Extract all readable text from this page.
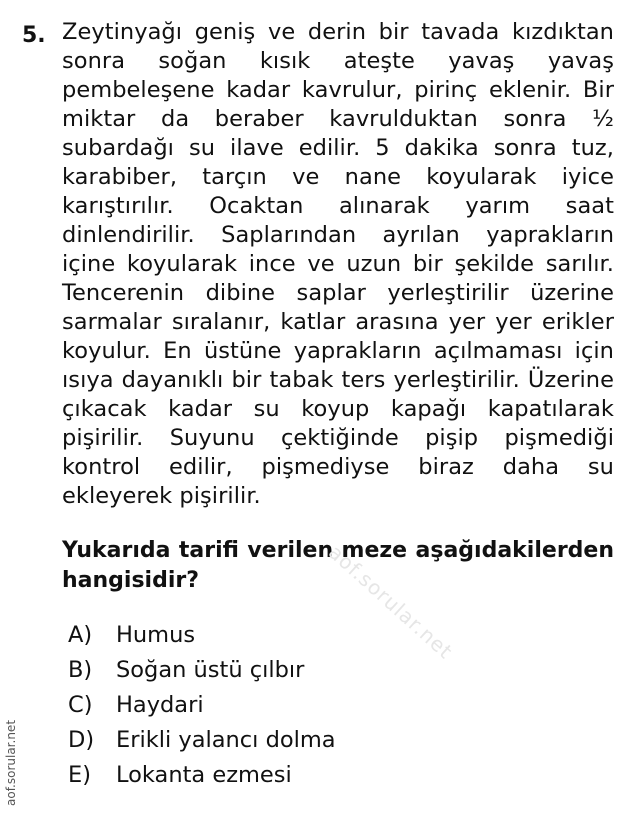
5. Zeytinyağı geniş ve derin bir tavada kızdıktan sonra soğan kısık ateşte yavaş yavaş pembeleşene kadar kavrulur, pirinç eklenir. Bir miktar da beraber kavrulduktan sonra ½ subardağı su ilave edilir. 5 dakika sonra tuz, karabiber, tarçın ve nane koyularak iyice karıştırılır. Ocaktan alınarak yarım saat dinlendirilir. Saplarından ayrılan yaprakların içine koyularak ince ve uzun bir şekilde sarılır. Tencerenin dibine saplar yerleştirilir üzerine sarmalar sıralanır, katlar arasına yer yer erikler koyulur. En üstüne yaprakların açılmaması için ısıya dayanıklı bir tabak ters yerleştirilir. Üzerine çıkacak kadar su koyup kapağı kapatılarak pişirilir. Suyunu çektiğinde pişip pişmediği kontrol edilir, pişmediyse biraz daha su ekleyerek pişirilir.

Yukarıda tarifi verilen meze aşağıdakilerden hangisidir?

A)	Humus
B)	Soğan üstü çılbır
C)	Haydari
D) Erikli yalancı dolma
E)	Lokanta ezmesi
aof.sorular.net
aof.sorular.net
